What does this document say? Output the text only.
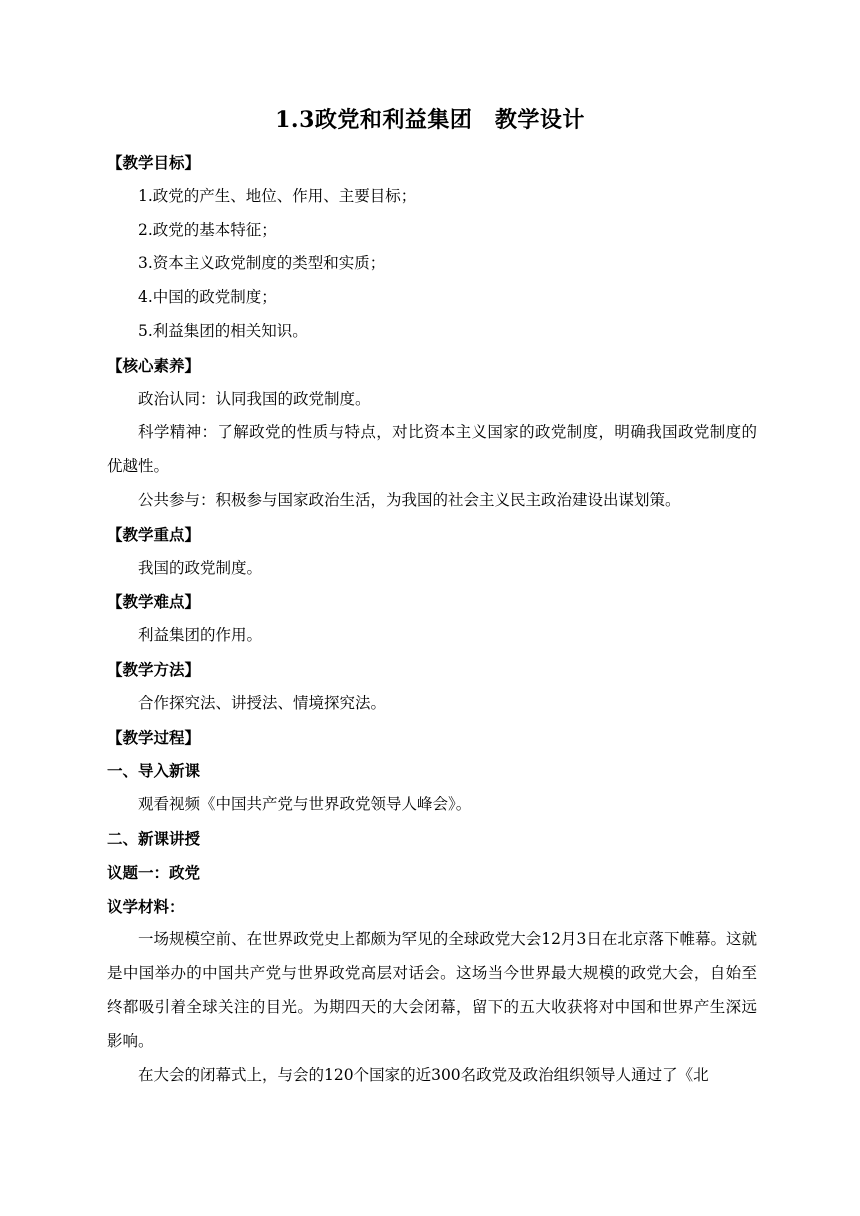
1.3政党和利益集团　教学设计
【教学目标】
1.政党的产生、地位、作用、主要目标；
2.政党的基本特征；
3.资本主义政党制度的类型和实质；
4.中国的政党制度；
5.利益集团的相关知识。
【核心素养】
政治认同：认同我国的政党制度。

科学精神：了解政党的性质与特点，对比资本主义国家的政党制度，明确我国政党制度的优越性。

公共参与：积极参与国家政治生活，为我国的社会主义民主政治建设出谋划策。
【教学重点】
我国的政党制度。
【教学难点】
利益集团的作用。
【教学方法】
合作探究法、讲授法、情境探究法。
【教学过程】
一、导入新课
观看视频《中国共产党与世界政党领导人峰会》。
二、新课讲授
议题一：政党
议学材料：

一场规模空前、在世界政党史上都颇为罕见的全球政党大会12月3日在北京落下帷幕。这就是中国举办的中国共产党与世界政党高层对话会。这场当今世界最大规模的政党大会，自始至终都吸引着全球关注的目光。为期四天的大会闭幕，留下的五大收获将对中国和世界产生深远影响。

在大会的闭幕式上，与会的120个国家的近300名政党及政治组织领导人通过了《北
